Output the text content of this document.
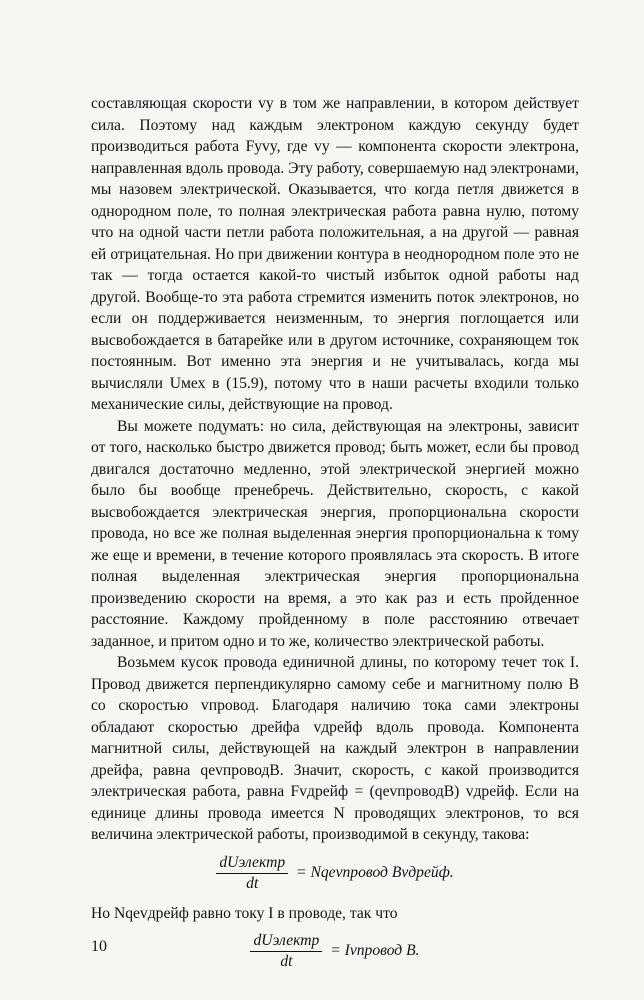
составляющая скорости vy в том же направлении, в котором действует сила. Поэтому над каждым электроном каждую секунду будет производиться работа Fyvy, где vy — компонента скорости электрона, направленная вдоль провода. Эту работу, совершаемую над электронами, мы назовем электрической. Оказывается, что когда петля движется в однородном поле, то полная электрическая работа равна нулю, потому что на одной части петли работа положительная, а на другой — равная ей отрицательная. Но при движении контура в неоднородном поле это не так — тогда остается какой-то чистый избыток одной работы над другой. Вообще-то эта работа стремится изменить поток электронов, но если он поддерживается неизменным, то энергия поглощается или высвобождается в батарейке или в другом источнике, сохраняющем ток постоянным. Вот именно эта энергия и не учитывалась, когда мы вычисляли Uмех в (15.9), потому что в наши расчеты входили только механические силы, действующие на провод.

Вы можете подумать: но сила, действующая на электроны, зависит от того, насколько быстро движется провод; быть может, если бы провод двигался достаточно медленно, этой электрической энергией можно было бы вообще пренебречь. Действительно, скорость, с какой высвобождается электрическая энергия, пропорциональна скорости провода, но все же полная выделенная энергия пропорциональна к тому же еще и времени, в течение которого проявлялась эта скорость. В итоге полная выделенная электрическая энергия пропорциональна произведению скорости на время, а это как раз и есть пройденное расстояние. Каждому пройденному в поле расстоянию отвечает заданное, и притом одно и то же, количество электрической работы.

Возьмем кусок провода единичной длины, по которому течет ток I. Провод движется перпендикулярно самому себе и магнитному полю B со скоростью vпровод. Благодаря наличию тока сами электроны обладают скоростью дрейфа vдрейф вдоль провода. Компонента магнитной силы, действующей на каждый электрон в направлении дрейфа, равна qevпроводB. Значит, скорость, с какой производится электрическая работа, равна Fvдрейф = (qevпроводB) vдрейф. Если на единице длины провода имеется N проводящих электронов, то вся величина электрической работы, производимой в секунду, такова:

$\frac{\text{dUэлектр}}{dt}$ = Nqevпровод Bvдрейф.

Но Nqevдрейф равно току I в проводе, так что

$\frac{\text{dUэлектр}}{dt}$ = Ivпровод B.
10
